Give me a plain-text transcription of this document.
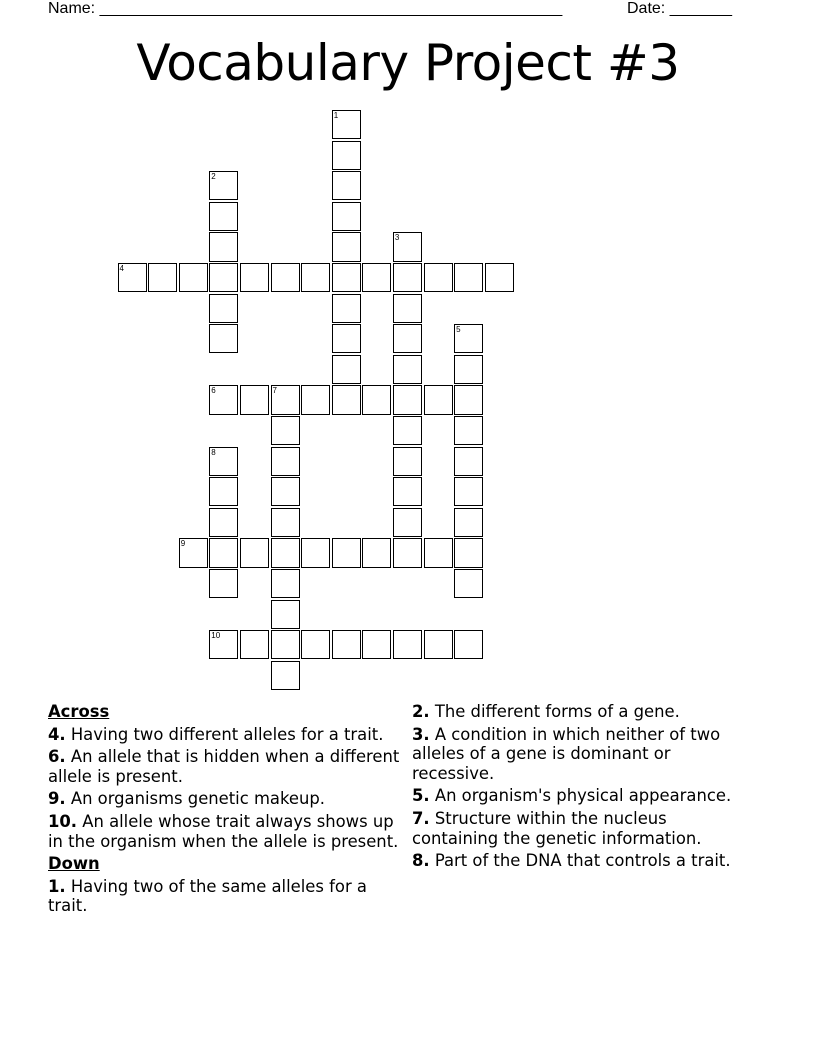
Name: ____________________________________________________	Date: _______
Vocabulary Project #3
1
2
3
4
5
6	7
8
9
10
Across
4. Having two different alleles for a trait.
6. An allele that is hidden when a different allele is present.
9. An organisms genetic makeup.
10. An allele whose trait always shows up in the organism when the allele is present.
Down
1. Having two of the same alleles for a trait.
2. The different forms of a gene.
3. A condition in which neither of two alleles of a gene is dominant or recessive.
5. An organism's physical appearance.
7. Structure within the nucleus containing the genetic information.
8. Part of the DNA that controls a trait.
